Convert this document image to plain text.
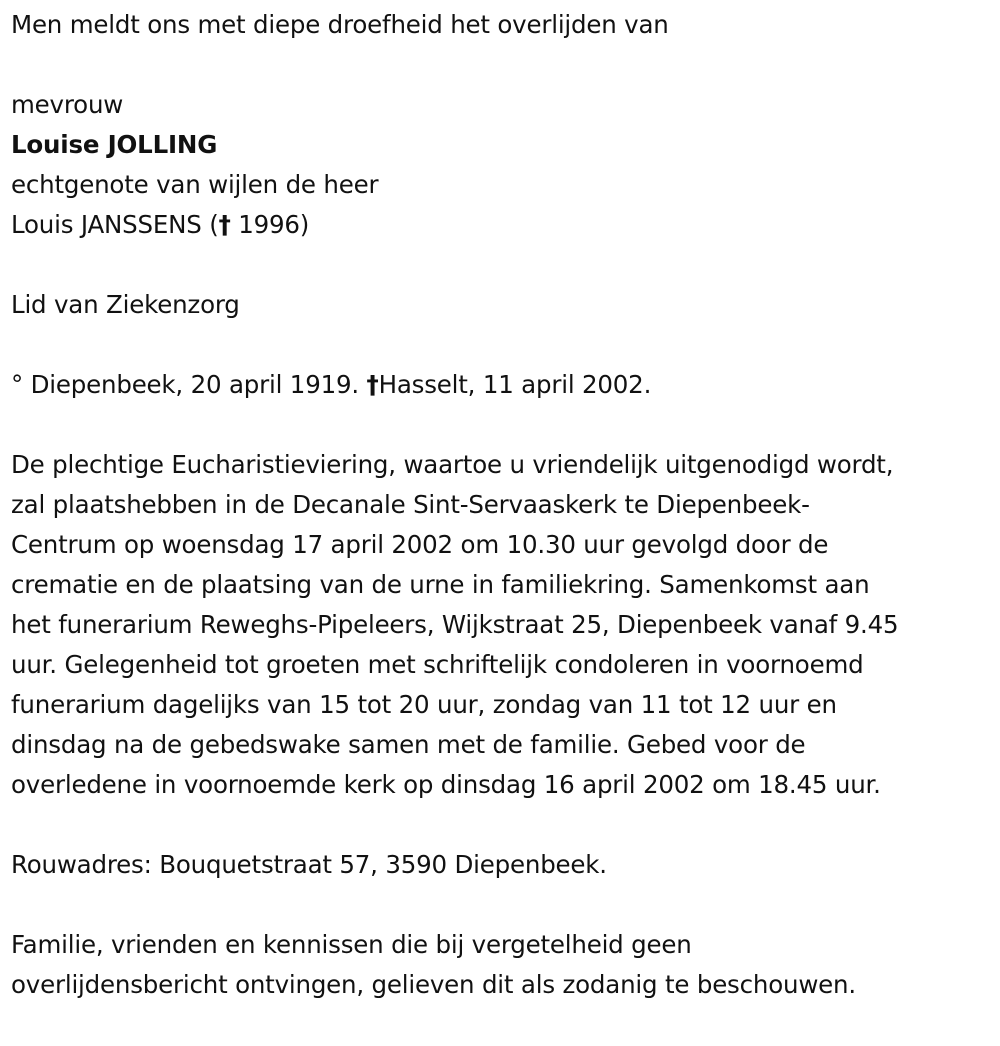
Men meldt ons met diepe droefheid het overlijden van
mevrouw
Louise JOLLING
echtgenote van wijlen de heer
Louis JANSSENS († 1996)
Lid van Ziekenzorg
° Diepenbeek, 20 april 1919. †Hasselt, 11 april 2002.
De plechtige Eucharistieviering, waartoe u vriendelijk uitgenodigd wordt,
zal plaatshebben in de Decanale Sint-Servaaskerk te Diepenbeek-
Centrum op woensdag 17 april 2002 om 10.30 uur gevolgd door de
crematie en de plaatsing van de urne in familiekring. Samenkomst aan
het funerarium Reweghs-Pipeleers, Wijkstraat 25, Diepenbeek vanaf 9.45
uur. Gelegenheid tot groeten met schriftelijk condoleren in voornoemd
funerarium dagelijks van 15 tot 20 uur, zondag van 11 tot 12 uur en
dinsdag na de gebedswake samen met de familie. Gebed voor de
overledene in voornoemde kerk op dinsdag 16 april 2002 om 18.45 uur.
Rouwadres: Bouquetstraat 57, 3590 Diepenbeek.
Familie, vrienden en kennissen die bij vergetelheid geen
overlijdensbericht ontvingen, gelieven dit als zodanig te beschouwen.
